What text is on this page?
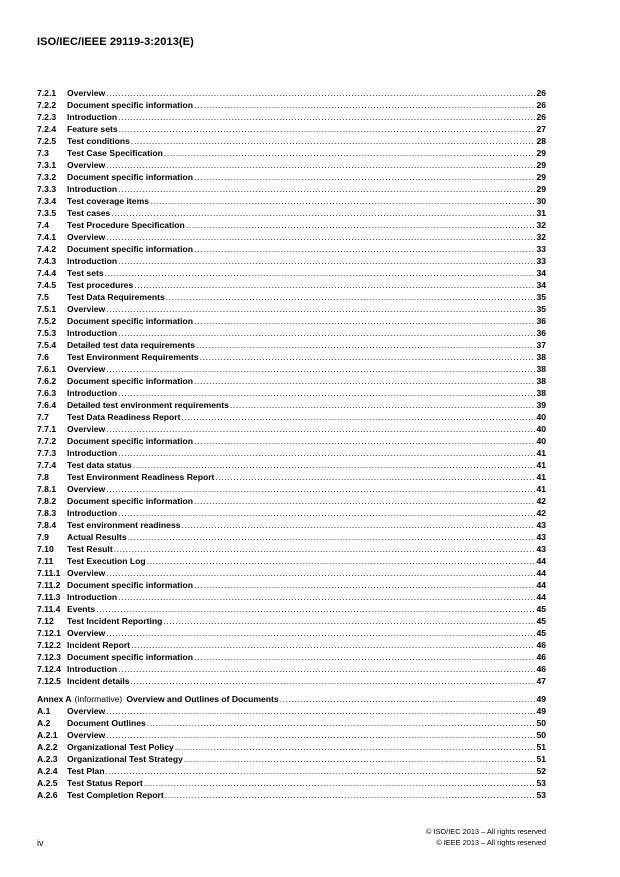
ISO/IEC/IEEE 29119-3:2013(E)
7.2.1	Overview .....	26
7.2.2	Document specific information .....	26
7.2.3	Introduction .....	26
7.2.4	Feature sets .....	27
7.2.5	Test conditions .....	28
7.3	Test Case Specification .....	29
7.3.1	Overview .....	29
7.3.2	Document specific information .....	29
7.3.3	Introduction .....	29
7.3.4	Test coverage items .....	30
7.3.5	Test cases .....	31
7.4	Test Procedure Specification .....	32
7.4.1	Overview .....	32
7.4.2	Document specific information .....	33
7.4.3	Introduction .....	33
7.4.4	Test sets .....	34
7.4.5	Test procedures .....	34
7.5	Test Data Requirements .....	35
7.5.1	Overview .....	35
7.5.2	Document specific information .....	36
7.5.3	Introduction .....	36
7.5.4	Detailed test data requirements .....	37
7.6	Test Environment Requirements .....	38
7.6.1	Overview .....	38
7.6.2	Document specific information .....	38
7.6.3	Introduction .....	38
7.6.4	Detailed test environment requirements .....	39
7.7	Test Data Readiness Report .....	40
7.7.1	Overview .....	40
7.7.2	Document specific information .....	40
7.7.3	Introduction .....	41
7.7.4	Test data status .....	41
7.8	Test Environment Readiness Report .....	41
7.8.1	Overview .....	41
7.8.2	Document specific information .....	42
7.8.3	Introduction .....	42
7.8.4	Test environment readiness .....	43
7.9	Actual Results .....	43
7.10	Test Result .....	43
7.11	Test Execution Log .....	44
7.11.1 Overview .....	44
7.11.2 Document specific information .....	44
7.11.3 Introduction .....	44
7.11.4 Events .....	45
7.12	Test Incident Reporting .....	45
7.12.1 Overview .....	45
7.12.2 Incident Report .....	46
7.12.3 Document specific information .....	46
7.12.4 Introduction .....	46
7.12.5 Incident details .....	47
Annex A (informative) Overview and Outlines of Documents .....	49
A.1	Overview .....	49
A.2	Document Outlines .....	50
A.2.1	Overview .....	50
A.2.2	Organizational Test Policy .....	51
A.2.3	Organizational Test Strategy .....	51
A.2.4	Test Plan .....	52
A.2.5	Test Status Report .....	53
A.2.6	Test Completion Report .....	53
© ISO/IEC 2013 – All rights reserved
© IEEE 2013 – All rights reserved
iv
